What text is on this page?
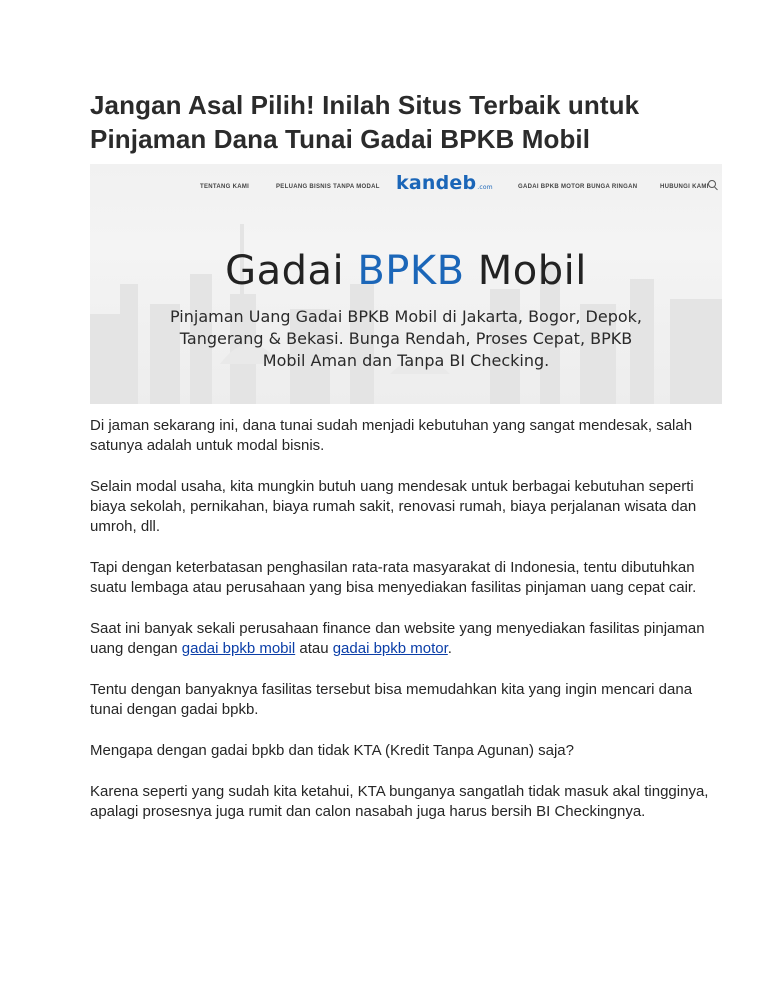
Jangan Asal Pilih! Inilah Situs Terbaik untuk Pinjaman Dana Tunai Gadai BPKB Mobil
TENTANG KAMI	PELUANG BISNIS TANPA MODAL	GADAI BPKB MOTOR BUNGA RINGAN	HUBUNGI KAMI
kandeb.com
Gadai BPKB Mobil
Pinjaman Uang Gadai BPKB Mobil di Jakarta, Bogor, Depok,
Tangerang & Bekasi. Bunga Rendah, Proses Cepat, BPKB
Mobil Aman dan Tanpa BI Checking.

Di jaman sekarang ini, dana tunai sudah menjadi kebutuhan yang sangat mendesak, salah satunya adalah untuk modal bisnis.

Selain modal usaha, kita mungkin butuh uang mendesak untuk berbagai kebutuhan seperti biaya sekolah, pernikahan, biaya rumah sakit, renovasi rumah, biaya perjalanan wisata dan umroh, dll.

Tapi dengan keterbatasan penghasilan rata-rata masyarakat di Indonesia, tentu dibutuhkan suatu lembaga atau perusahaan yang bisa menyediakan fasilitas pinjaman uang cepat cair.

Saat ini banyak sekali perusahaan finance dan website yang menyediakan fasilitas pinjaman uang dengan gadai bpkb mobil atau gadai bpkb motor.

Tentu dengan banyaknya fasilitas tersebut bisa memudahkan kita yang ingin mencari dana tunai dengan gadai bpkb.

Mengapa dengan gadai bpkb dan tidak KTA (Kredit Tanpa Agunan) saja?

Karena seperti yang sudah kita ketahui, KTA bunganya sangatlah tidak masuk akal tingginya, apalagi prosesnya juga rumit dan calon nasabah juga harus bersih BI Checkingnya.
